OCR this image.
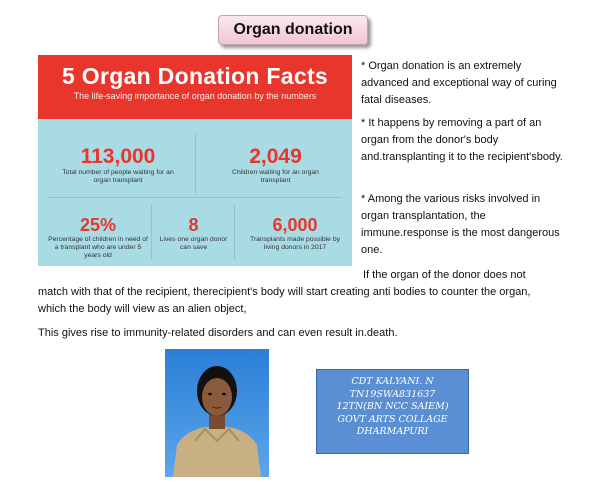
Organ donation
5 Organ Donation Facts

The life-saving importance of organ donation by the numbers

113,000
Total number of people waiting for an organ transplant
2,049
Children waiting for an organ transplant
25%
Percentage of children in need of a transplant who are under 5 years old
8
Lives one organ donor can save
6,000
Transplants made possible by living donors in 2017

* Organ donation is an extremely advanced and exceptional way of curing fatal diseases.

* It happens by removing a part of an organ from the donor's body and.transplanting it to the recipient'sbody.

* Among the various risks involved in organ transplantation, the immune.response is the most dangerous one.

If the organ of the donor does not

match with that of the recipient, therecipient's body will start creating anti bodies to counter the organ,

which the body will view as an alien object,

This gives rise to immunity-related disorders and can even result in.death.

CDT KALYANI. N
TN19SWA831637
12TN(BN NCC SAIEM)
GOVT ARTS COLLAGE
DHARMAPURI
